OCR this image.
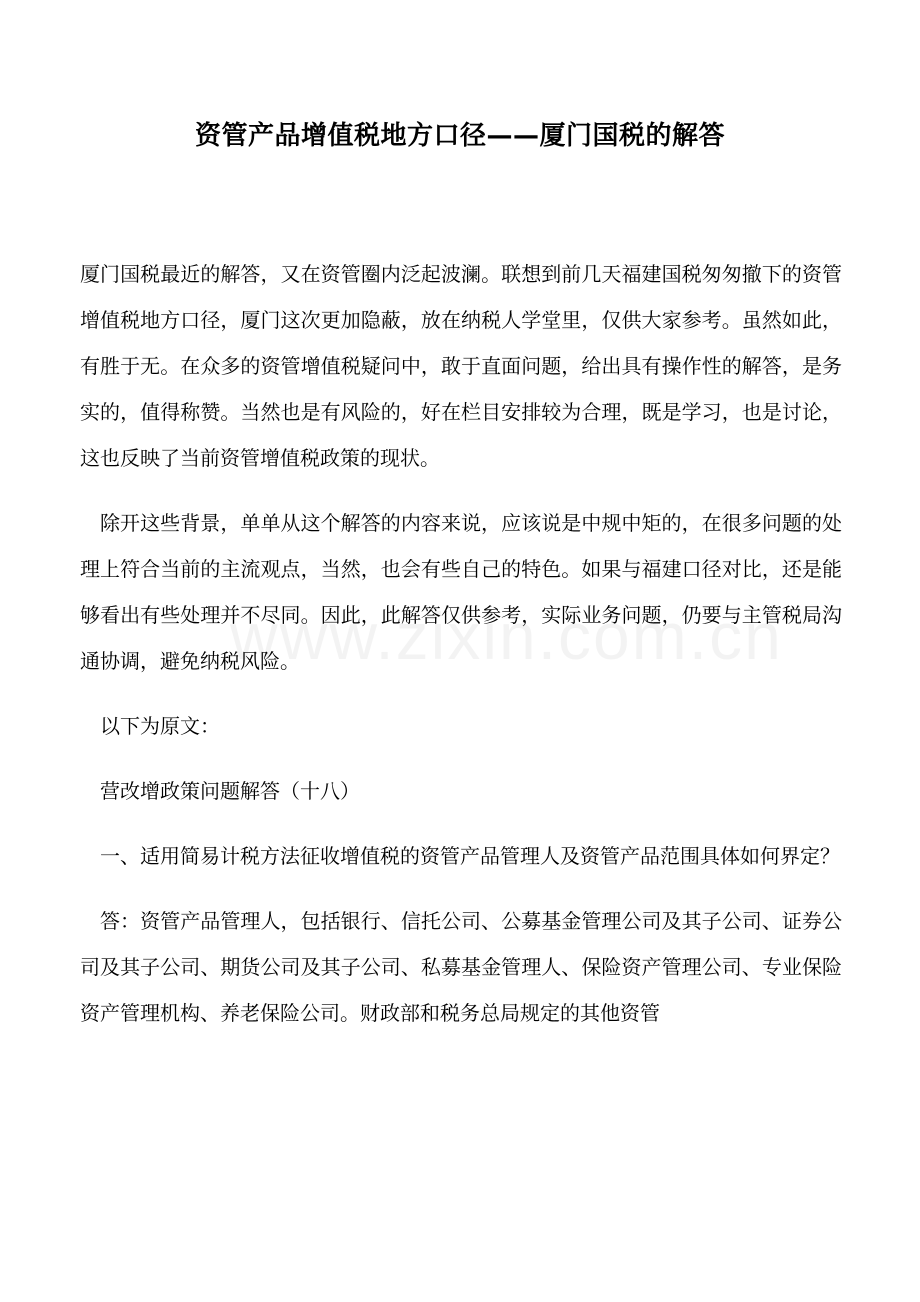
资管产品增值税地方口径——厦门国税的解答

厦门国税最近的解答，又在资管圈内泛起波澜。联想到前几天福建国税匆匆撤下的资管增值税地方口径，厦门这次更加隐蔽，放在纳税人学堂里，仅供大家参考。虽然如此，有胜于无。在众多的资管增值税疑问中，敢于直面问题，给出具有操作性的解答，是务实的，值得称赞。当然也是有风险的，好在栏目安排较为合理，既是学习，也是讨论，这也反映了当前资管增值税政策的现状。

除开这些背景，单单从这个解答的内容来说，应该说是中规中矩的，在很多问题的处理上符合当前的主流观点，当然，也会有些自己的特色。如果与福建口径对比，还是能够看出有些处理并不尽同。因此，此解答仅供参考，实际业务问题，仍要与主管税局沟通协调，避免纳税风险。

以下为原文：

营改增政策问题解答（十八）

一、适用简易计税方法征收增值税的资管产品管理人及资管产品范围具体如何界定？

答：资管产品管理人，包括银行、信托公司、公募基金管理公司及其子公司、证券公司及其子公司、期货公司及其子公司、私募基金管理人、保险资产管理公司、专业保险资产管理机构、养老保险公司。财政部和税务总局规定的其他资管
